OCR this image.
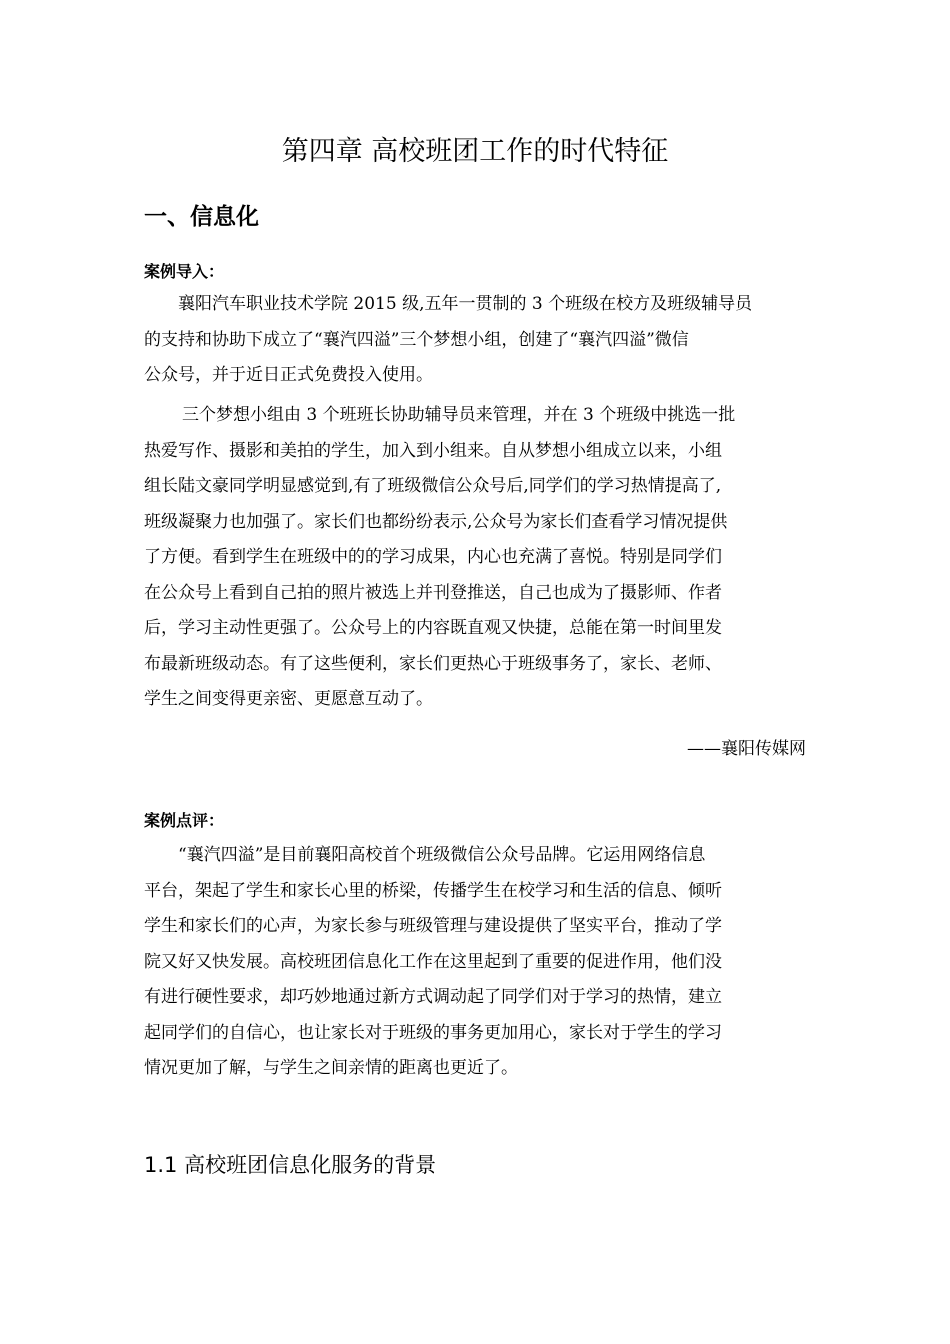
第四章 高校班团工作的时代特征
一、信息化
案例导入：
襄阳汽车职业技术学院 2015 级,五年一贯制的 3 个班级在校方及班级辅导员
的支持和协助下成立了“襄汽四溢”三个梦想小组，创建了“襄汽四溢”微信
公众号，并于近日正式免费投入使用。
三个梦想小组由 3 个班班长协助辅导员来管理，并在 3 个班级中挑选一批
热爱写作、摄影和美拍的学生，加入到小组来。自从梦想小组成立以来，小组
组长陆文豪同学明显感觉到,有了班级微信公众号后,同学们的学习热情提高了,
班级凝聚力也加强了。家长们也都纷纷表示,公众号为家长们查看学习情况提供
了方便。看到学生在班级中的的学习成果，内心也充满了喜悦。特别是同学们
在公众号上看到自己拍的照片被选上并刊登推送，自己也成为了摄影师、作者
后，学习主动性更强了。公众号上的内容既直观又快捷，总能在第一时间里发
布最新班级动态。有了这些便利，家长们更热心于班级事务了，家长、老师、
学生之间变得更亲密、更愿意互动了。
——襄阳传媒网
案例点评：
“襄汽四溢”是目前襄阳高校首个班级微信公众号品牌。它运用网络信息
平台，架起了学生和家长心里的桥梁，传播学生在校学习和生活的信息、倾听
学生和家长们的心声，为家长参与班级管理与建设提供了坚实平台，推动了学
院又好又快发展。高校班团信息化工作在这里起到了重要的促进作用，他们没
有进行硬性要求，却巧妙地通过新方式调动起了同学们对于学习的热情，建立
起同学们的自信心，也让家长对于班级的事务更加用心，家长对于学生的学习
情况更加了解，与学生之间亲情的距离也更近了。
1.1 高校班团信息化服务的背景
